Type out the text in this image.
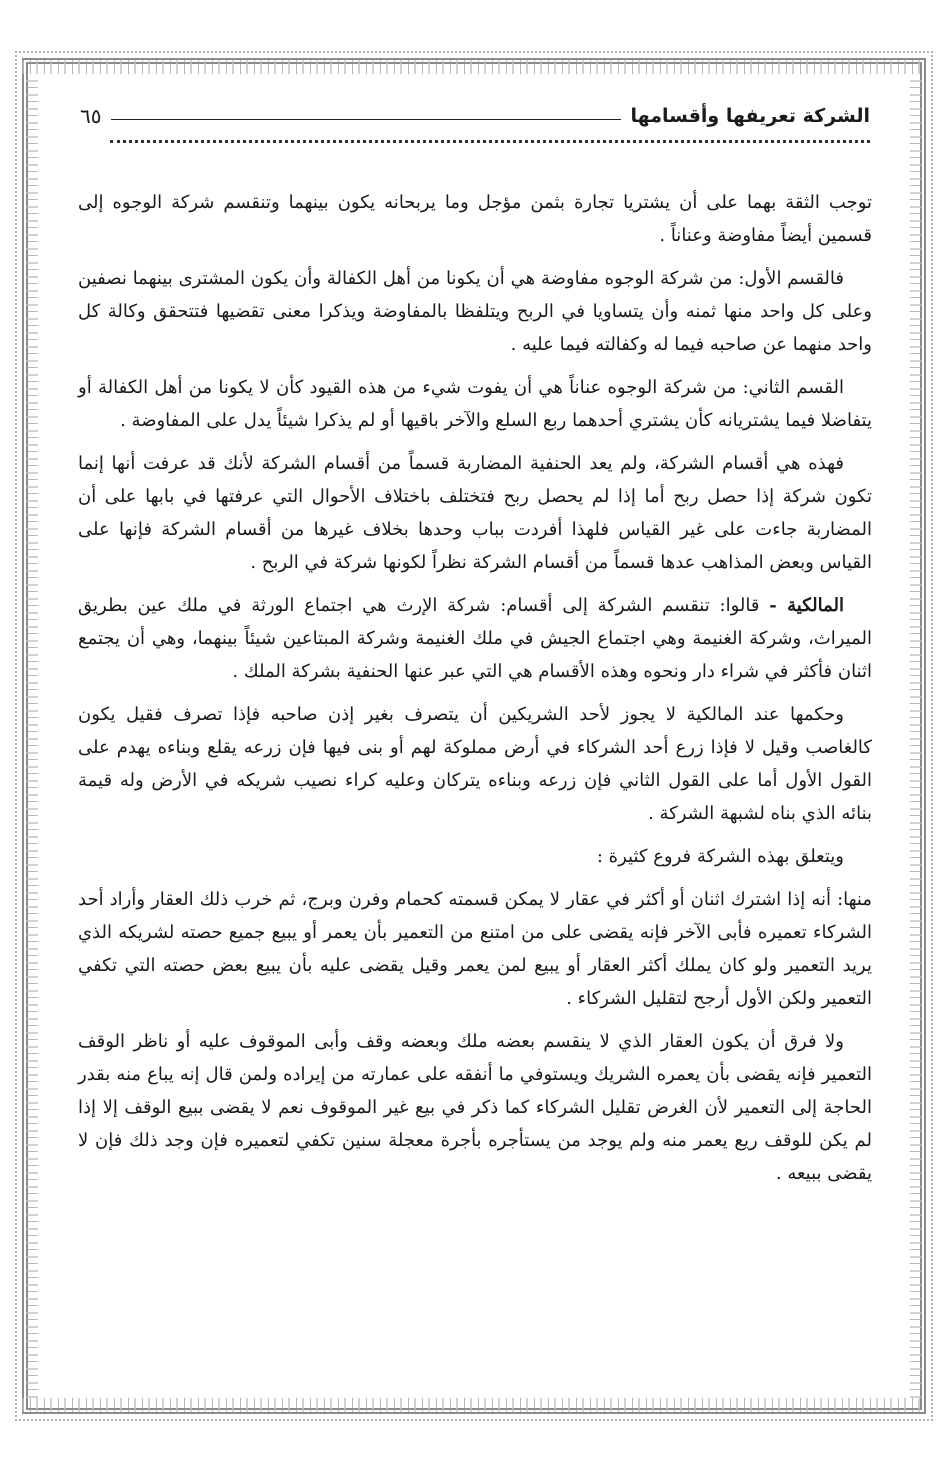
الشركة تعريفها وأقسامها
٦٥

توجب الثقة بهما على أن يشتريا تجارة بثمن مؤجل وما يربحانه يكون بينهما وتنقسم شركة الوجوه إلى قسمين أيضاً مفاوضة وعناناً .

فالقسم الأول: من شركة الوجوه مفاوضة هي أن يكونا من أهل الكفالة وأن يكون المشترى بينهما نصفين وعلى كل واحد منها ثمنه وأن يتساويا في الربح ويتلفظا بالمفاوضة ويذكرا معنى تقضيها فتتحقق وكالة كل واحد منهما عن صاحبه فيما له وكفالته فيما عليه .

القسم الثاني: من شركة الوجوه عناناً هي أن يفوت شيء من هذه القيود كأن لا يكونا من أهل الكفالة أو يتفاضلا فيما يشتريانه كأن يشتري أحدهما ربع السلع والآخر باقيها أو لم يذكرا شيئاً يدل على المفاوضة .

فهذه هي أقسام الشركة، ولم يعد الحنفية المضاربة قسماً من أقسام الشركة لأنك قد عرفت أنها إنما تكون شركة إذا حصل ربح أما إذا لم يحصل ربح فتختلف باختلاف الأحوال التي عرفتها في بابها على أن المضاربة جاءت على غير القياس فلهذا أفردت بباب وحدها بخلاف غيرها من أقسام الشركة فإنها على القياس وبعض المذاهب عدها قسماً من أقسام الشركة نظراً لكونها شركة في الربح .

المالكية - قالوا: تنقسم الشركة إلى أقسام: شركة الإرث هي اجتماع الورثة في ملك عين بطريق الميراث، وشركة الغنيمة وهي اجتماع الجيش في ملك الغنيمة وشركة المبتاعين شيئاً بينهما، وهي أن يجتمع اثنان فأكثر في شراء دار ونحوه وهذه الأقسام هي التي عبر عنها الحنفية بشركة الملك .

وحكمها عند المالكية لا يجوز لأحد الشريكين أن يتصرف بغير إذن صاحبه فإذا تصرف فقيل يكون كالغاصب وقيل لا فإذا زرع أحد الشركاء في أرض مملوكة لهم أو بنى فيها فإن زرعه يقلع وبناءه يهدم على القول الأول أما على القول الثاني فإن زرعه وبناءه يتركان وعليه كراء نصيب شريكه في الأرض وله قيمة بنائه الذي بناه لشبهة الشركة .

ويتعلق بهذه الشركة فروع كثيرة :

منها: أنه إذا اشترك اثنان أو أكثر في عقار لا يمكن قسمته كحمام وفرن وبرج، ثم خرب ذلك العقار وأراد أحد الشركاء تعميره فأبى الآخر فإنه يقضى على من امتنع من التعمير بأن يعمر أو يبيع جميع حصته لشريكه الذي يريد التعمير ولو كان يملك أكثر العقار أو يبيع لمن يعمر وقيل يقضى عليه بأن يبيع بعض حصته التي تكفي التعمير ولكن الأول أرجح لتقليل الشركاء .

ولا فرق أن يكون العقار الذي لا ينقسم بعضه ملك وبعضه وقف وأبى الموقوف عليه أو ناظر الوقف التعمير فإنه يقضى بأن يعمره الشريك ويستوفي ما أنفقه على عمارته من إيراده ولمن قال إنه يباع منه بقدر الحاجة إلى التعمير لأن الغرض تقليل الشركاء كما ذكر في بيع غير الموقوف نعم لا يقضى ببيع الوقف إلا إذا لم يكن للوقف ريع يعمر منه ولم يوجد من يستأجره بأجرة معجلة سنين تكفي لتعميره فإن وجد ذلك فإن لا يقضى ببيعه .
